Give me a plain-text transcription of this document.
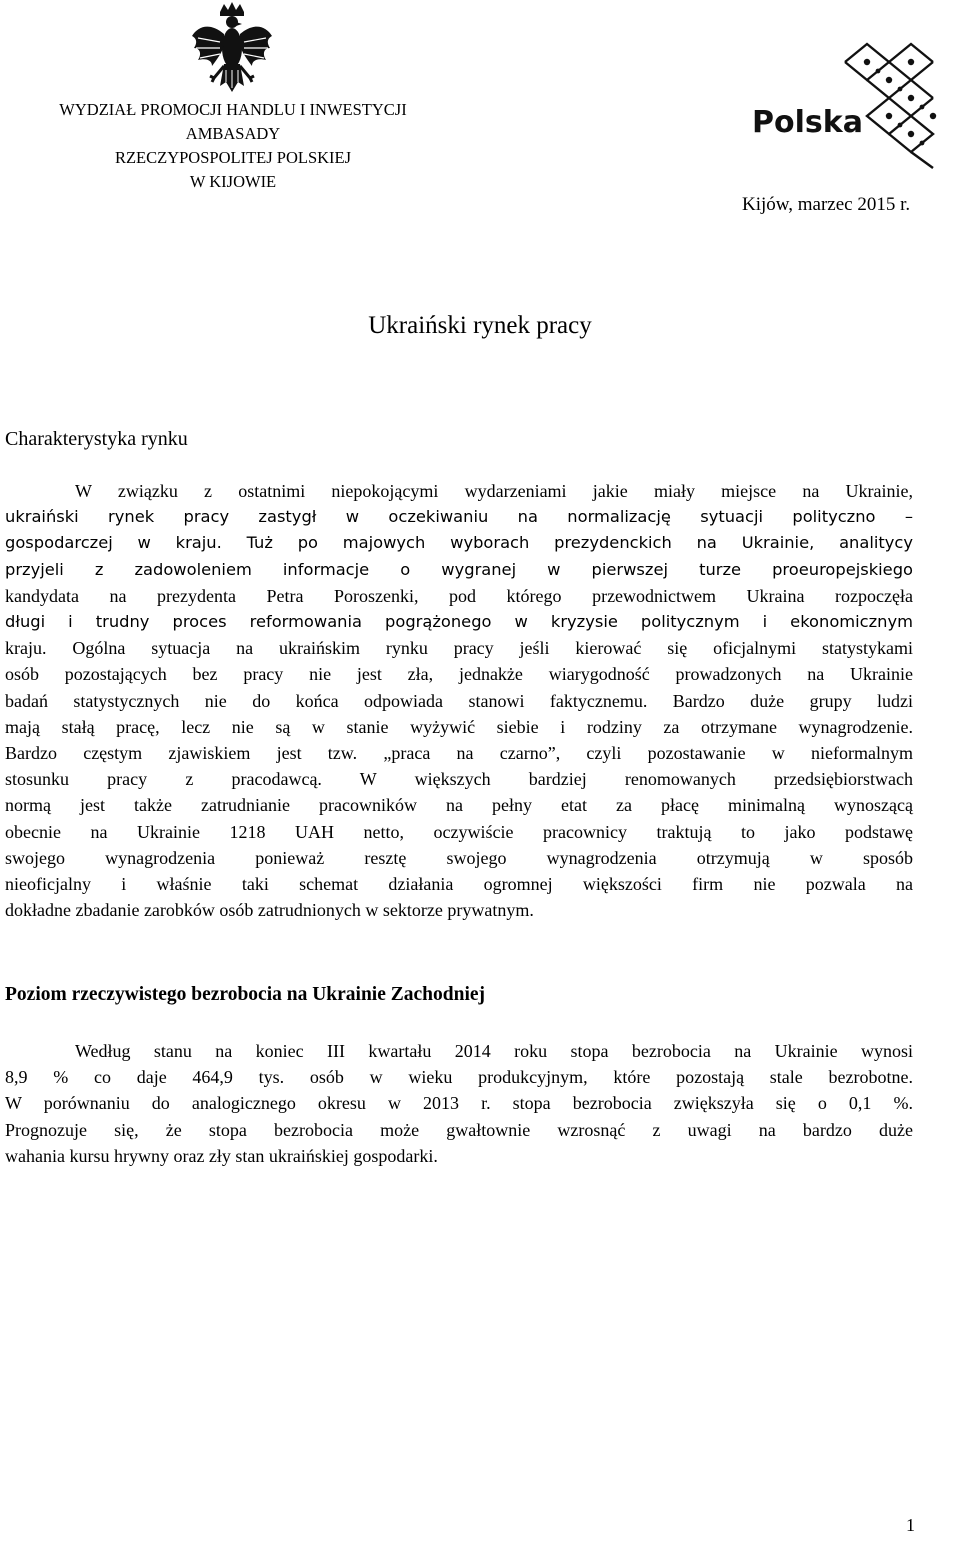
Polska
WYDZIAŁ PROMOCJI HANDLU I INWESTYCJI
AMBASADY
RZECZYPOSPOLITEJ POLSKIEJ
W KIJOWIE
Kijów, marzec 2015 r.
Ukraiński rynek pracy
Charakterystyka rynku
W związku z ostatnimi niepokojącymi wydarzeniami jakie miały miejsce na Ukrainie,
ukraiński rynek pracy zastygł w oczekiwaniu na normalizację sytuacji polityczno –
gospodarczej w kraju. Tuż po majowych wyborach prezydenckich na Ukrainie, analitycy
przyjeli z zadowoleniem informacje o wygranej w pierwszej turze proeuropejskiego
kandydata na prezydenta Petra Poroszenki, pod którego przewodnictwem Ukraina rozpoczęła
długi i trudny proces reformowania pogrążonego w kryzysie politycznym i ekonomicznym
kraju. Ogólna sytuacja na ukraińskim rynku pracy jeśli kierować się oficjalnymi statystykami
osób pozostających bez pracy nie jest zła, jednakże wiarygodność prowadzonych na Ukrainie
badań statystycznych nie do końca odpowiada stanowi faktycznemu. Bardzo duże grupy ludzi
mają stałą pracę, lecz nie są w stanie wyżywić siebie i rodziny za otrzymane wynagrodzenie.
Bardzo częstym zjawiskiem jest tzw. „praca na czarno”, czyli pozostawanie w nieformalnym
stosunku pracy z pracodawcą. W większych bardziej renomowanych przedsiębiorstwach
normą jest także zatrudnianie pracowników na pełny etat za płacę minimalną wynoszącą
obecnie na Ukrainie 1218 UAH netto, oczywiście pracownicy traktują to jako podstawę
swojego wynagrodzenia ponieważ resztę swojego wynagrodzenia otrzymują w sposób
nieoficjalny i właśnie taki schemat działania ogromnej większości firm nie pozwala na
dokładne zbadanie zarobków osób zatrudnionych w sektorze prywatnym.
Poziom rzeczywistego bezrobocia na Ukrainie Zachodniej
Według stanu na koniec III kwartału 2014 roku stopa bezrobocia na Ukrainie wynosi
8,9 % co daje 464,9 tys. osób w wieku produkcyjnym, które pozostają stale bezrobotne.
W porównaniu do analogicznego okresu w 2013 r. stopa bezrobocia zwiększyła się o 0,1 %.
Prognozuje się, że stopa bezrobocia może gwałtownie wzrosnąć z uwagi na bardzo duże
wahania kursu hrywny oraz zły stan ukraińskiej gospodarki.
1
